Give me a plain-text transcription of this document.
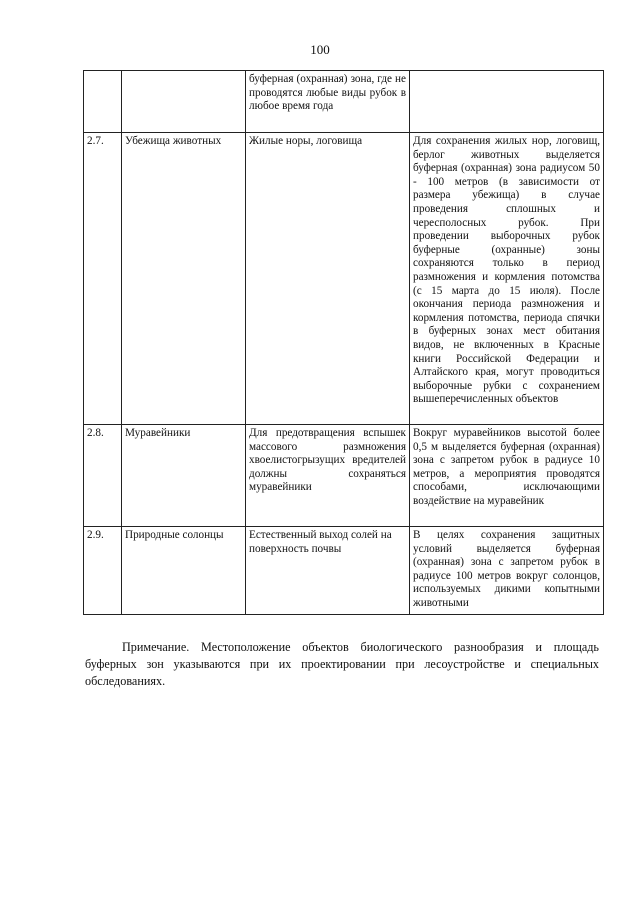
100
		буферная (охранная) зона, где не проводятся любые виды рубок в любое время года	
2.7.	Убежища животных	Жилые норы, логовища	Для сохранения жилых нор, логовищ, берлог животных выделяется буферная (охранная) зона радиусом 50 - 100 метров (в зависимости от размера убежища) в случае проведения сплошных и чересполосных рубок. При проведении выборочных рубок буферные (охранные) зоны сохраняются только в период размножения и кормления потомства (с 15 марта до 15 июля). После окончания периода размножения и кормления потомства, периода спячки в буферных зонах мест обитания видов, не включенных в Красные книги Российской Федерации и Алтайского края, могут проводиться выборочные рубки с сохранением вышеперечисленных объектов
2.8.	Муравейники	Для предотвращения вспышек массового размножения хвоелистогрызущих вредителей должны сохраняться муравейники	Вокруг муравейников высотой более 0,5 м выделяется буферная (охранная) зона с запретом рубок в радиусе 10 метров, а мероприятия проводятся способами, исключающими воздействие на муравейник
2.9.	Природные солонцы	Естественный выход солей на поверхность почвы	В целях сохранения защитных условий выделяется буферная (охранная) зона с запретом рубок в радиусе 100 метров вокруг солонцов, используемых дикими копытными животными

Примечание. Местоположение объектов биологического разнообразия и площадь буферных зон указываются при их проектировании при лесоустройстве и специальных обследованиях.
